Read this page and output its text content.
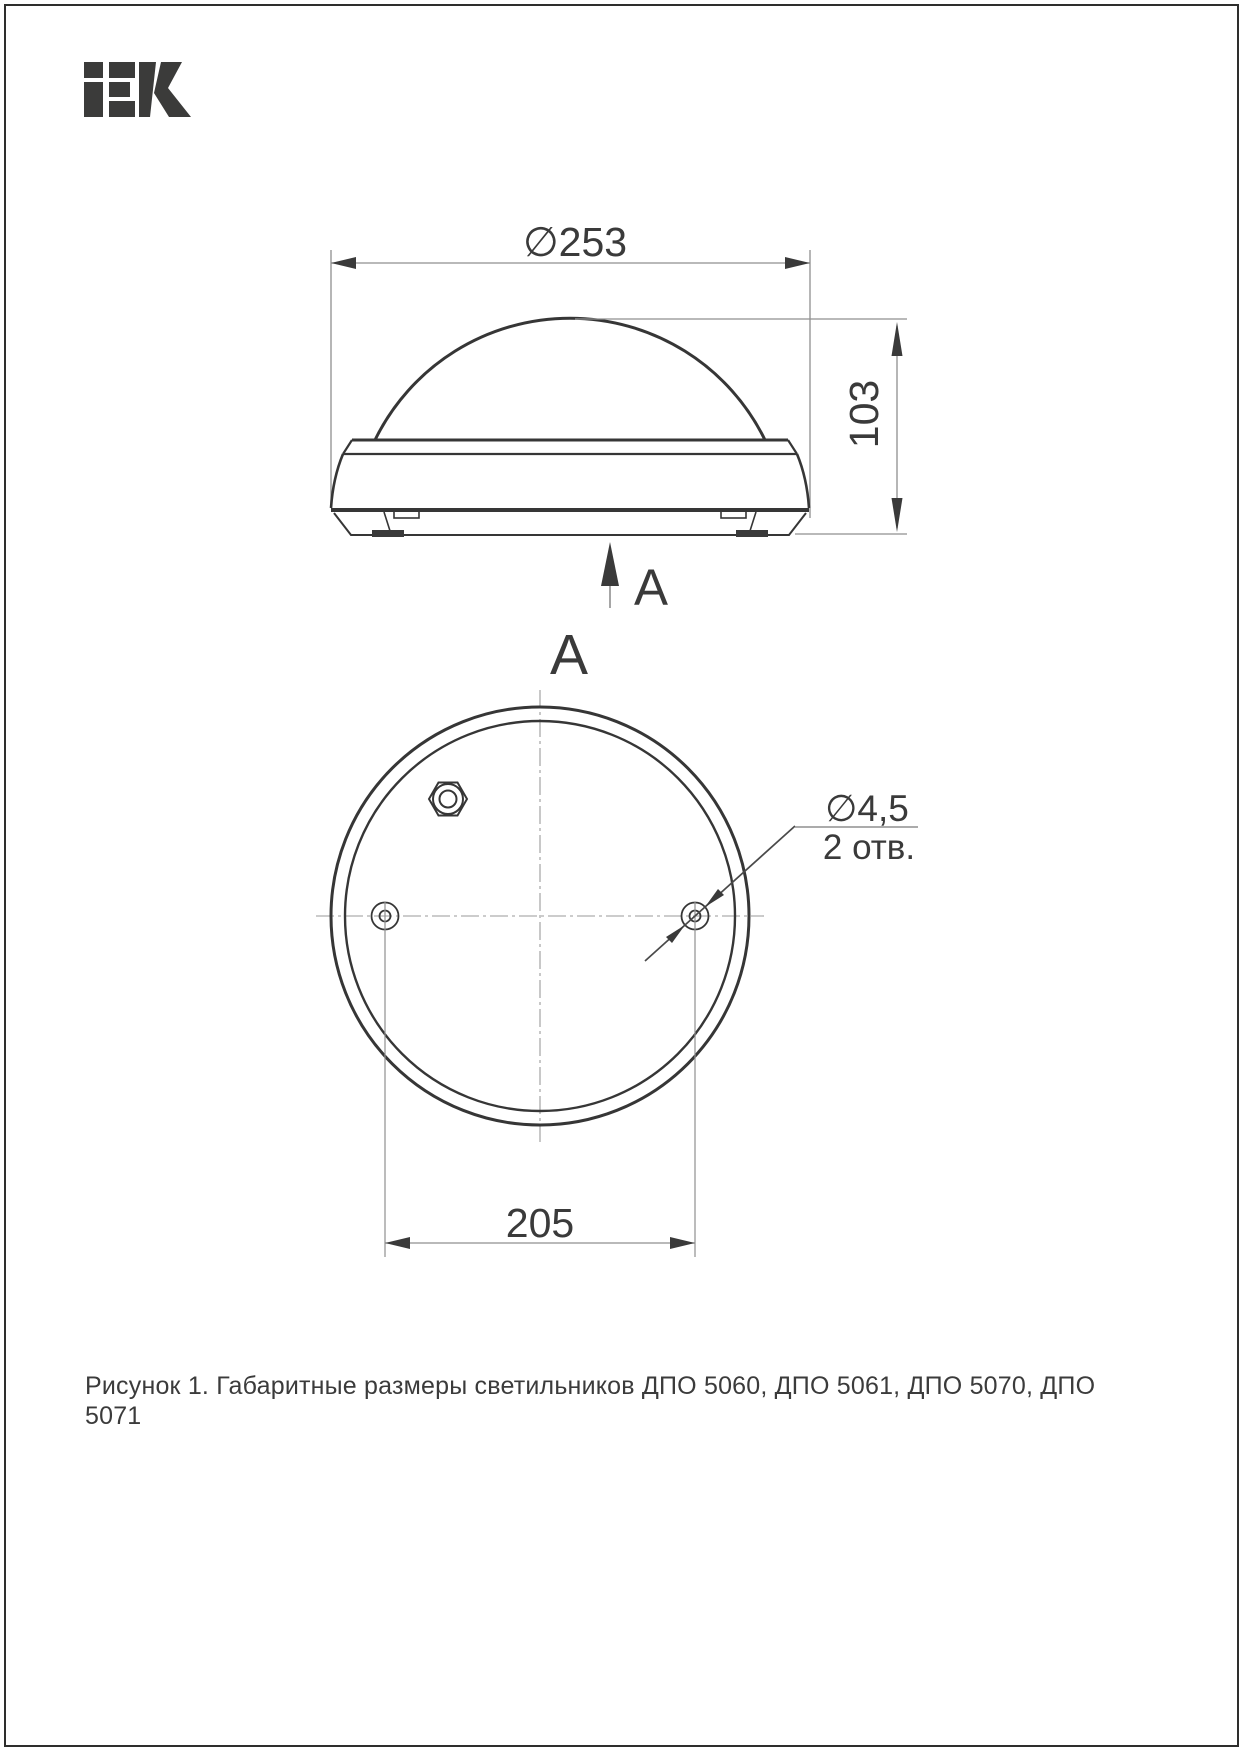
∅253
103
A
A
205
∅4,5
2 отв.
Рисунок 1. Габаритные размеры светильников ДПО 5060, ДПО 5061, ДПО 5070, ДПО 5071
